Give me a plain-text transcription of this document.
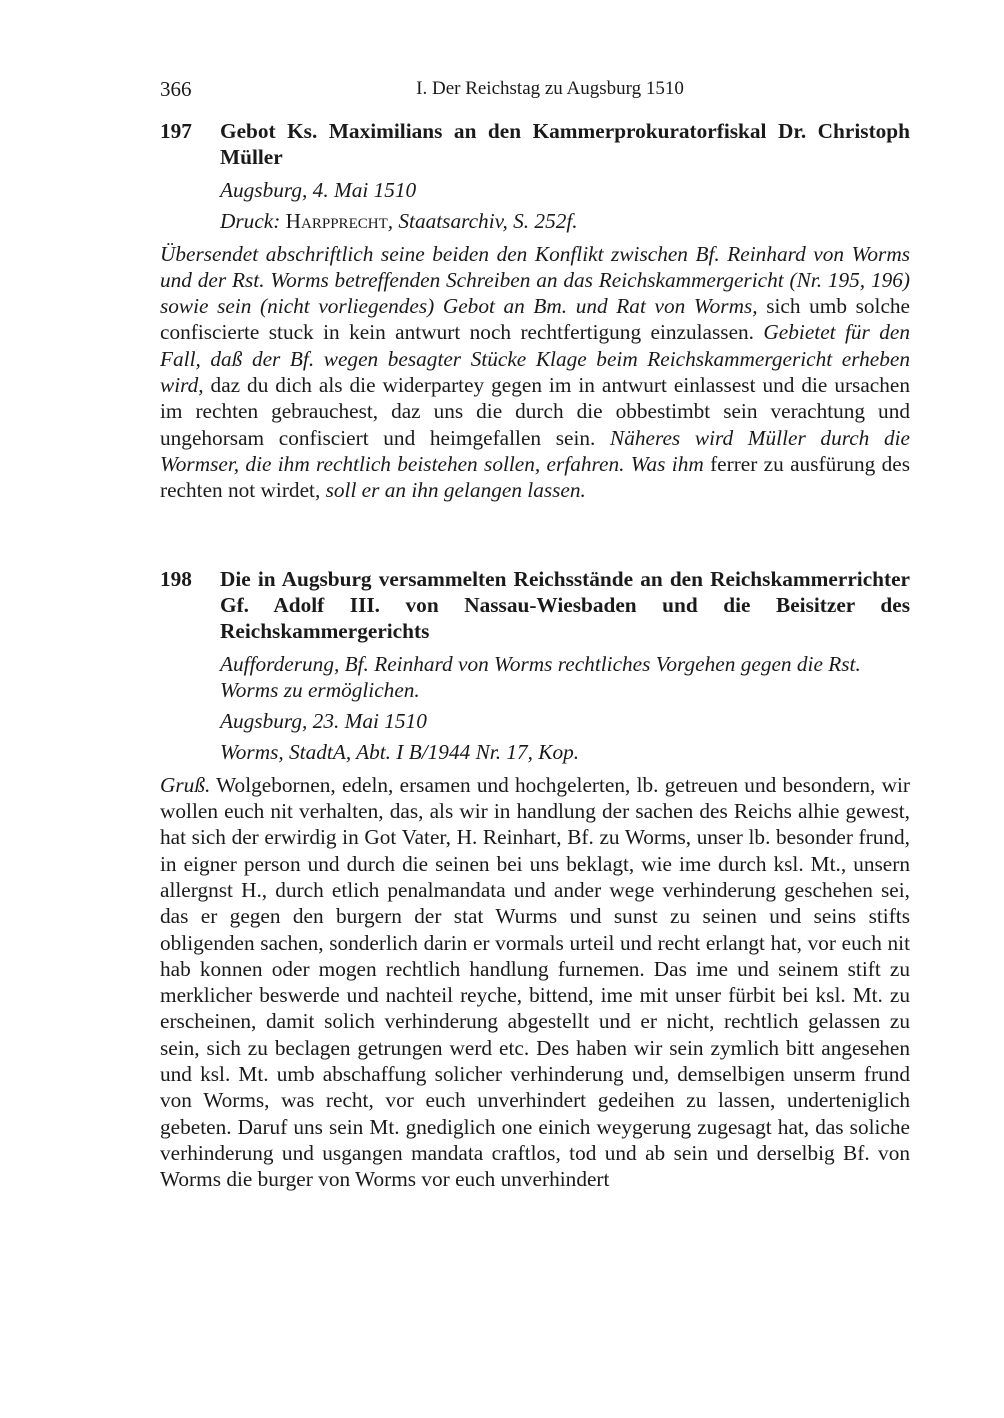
366	I. Der Reichstag zu Augsburg 1510
197	Gebot Ks. Maximilians an den Kammerprokuratorfiskal Dr. Christoph Müller
Augsburg, 4. Mai 1510
Druck: Harpprecht, Staatsarchiv, S. 252f.
Übersendet abschriftlich seine beiden den Konflikt zwischen Bf. Reinhard von Worms und der Rst. Worms betreffenden Schreiben an das Reichskammergericht (Nr. 195, 196) sowie sein (nicht vorliegendes) Gebot an Bm. und Rat von Worms, sich umb solche confiscierte stuck in kein antwurt noch rechtfertigung einzulassen. Gebietet für den Fall, daß der Bf. wegen besagter Stücke Klage beim Reichskammergericht erheben wird, daz du dich als die widerpartey gegen im in antwurt einlassest und die ursachen im rechten gebrauchest, daz uns die durch die obbestimbt sein verachtung und ungehorsam confisciert und heimgefallen sein. Näheres wird Müller durch die Wormser, die ihm rechtlich beistehen sollen, erfahren. Was ihm ferrer zu ausfürung des rechten not wirdet, soll er an ihn gelangen lassen.
198	Die in Augsburg versammelten Reichsstände an den Reichskammerrichter Gf. Adolf III. von Nassau-Wiesbaden und die Beisitzer des Reichskammergerichts
Aufforderung, Bf. Reinhard von Worms rechtliches Vorgehen gegen die Rst. Worms zu ermöglichen.
Augsburg, 23. Mai 1510
Worms, StadtA, Abt. I B/1944 Nr. 17, Kop.
Gruß. Wolgebornen, edeln, ersamen und hochgelerten, lb. getreuen und besondern, wir wollen euch nit verhalten, das, als wir in handlung der sachen des Reichs alhie gewest, hat sich der erwirdig in Got Vater, H. Reinhart, Bf. zu Worms, unser lb. besonder frund, in eigner person und durch die seinen bei uns beklagt, wie ime durch ksl. Mt., unsern allergnst H., durch etlich penalmandata und ander wege verhinderung geschehen sei, das er gegen den burgern der stat Wurms und sunst zu seinen und seins stifts obligenden sachen, sonderlich darin er vormals urteil und recht erlangt hat, vor euch nit hab konnen oder mogen rechtlich handlung furnemen. Das ime und seinem stift zu merklicher beswerde und nachteil reyche, bittend, ime mit unser fürbit bei ksl. Mt. zu erscheinen, damit solich verhinderung abgestellt und er nicht, rechtlich gelassen zu sein, sich zu beclagen getrungen werd etc. Des haben wir sein zymlich bitt angesehen und ksl. Mt. umb abschaffung solicher verhinderung und, demselbigen unserm frund von Worms, was recht, vor euch unverhindert gedeihen zu lassen, underteniglich gebeten. Daruf uns sein Mt. gnediglich one einich weygerung zugesagt hat, das soliche verhinderung und usgangen mandata craftlos, tod und ab sein und derselbig Bf. von Worms die burger von Worms vor euch unverhindert
